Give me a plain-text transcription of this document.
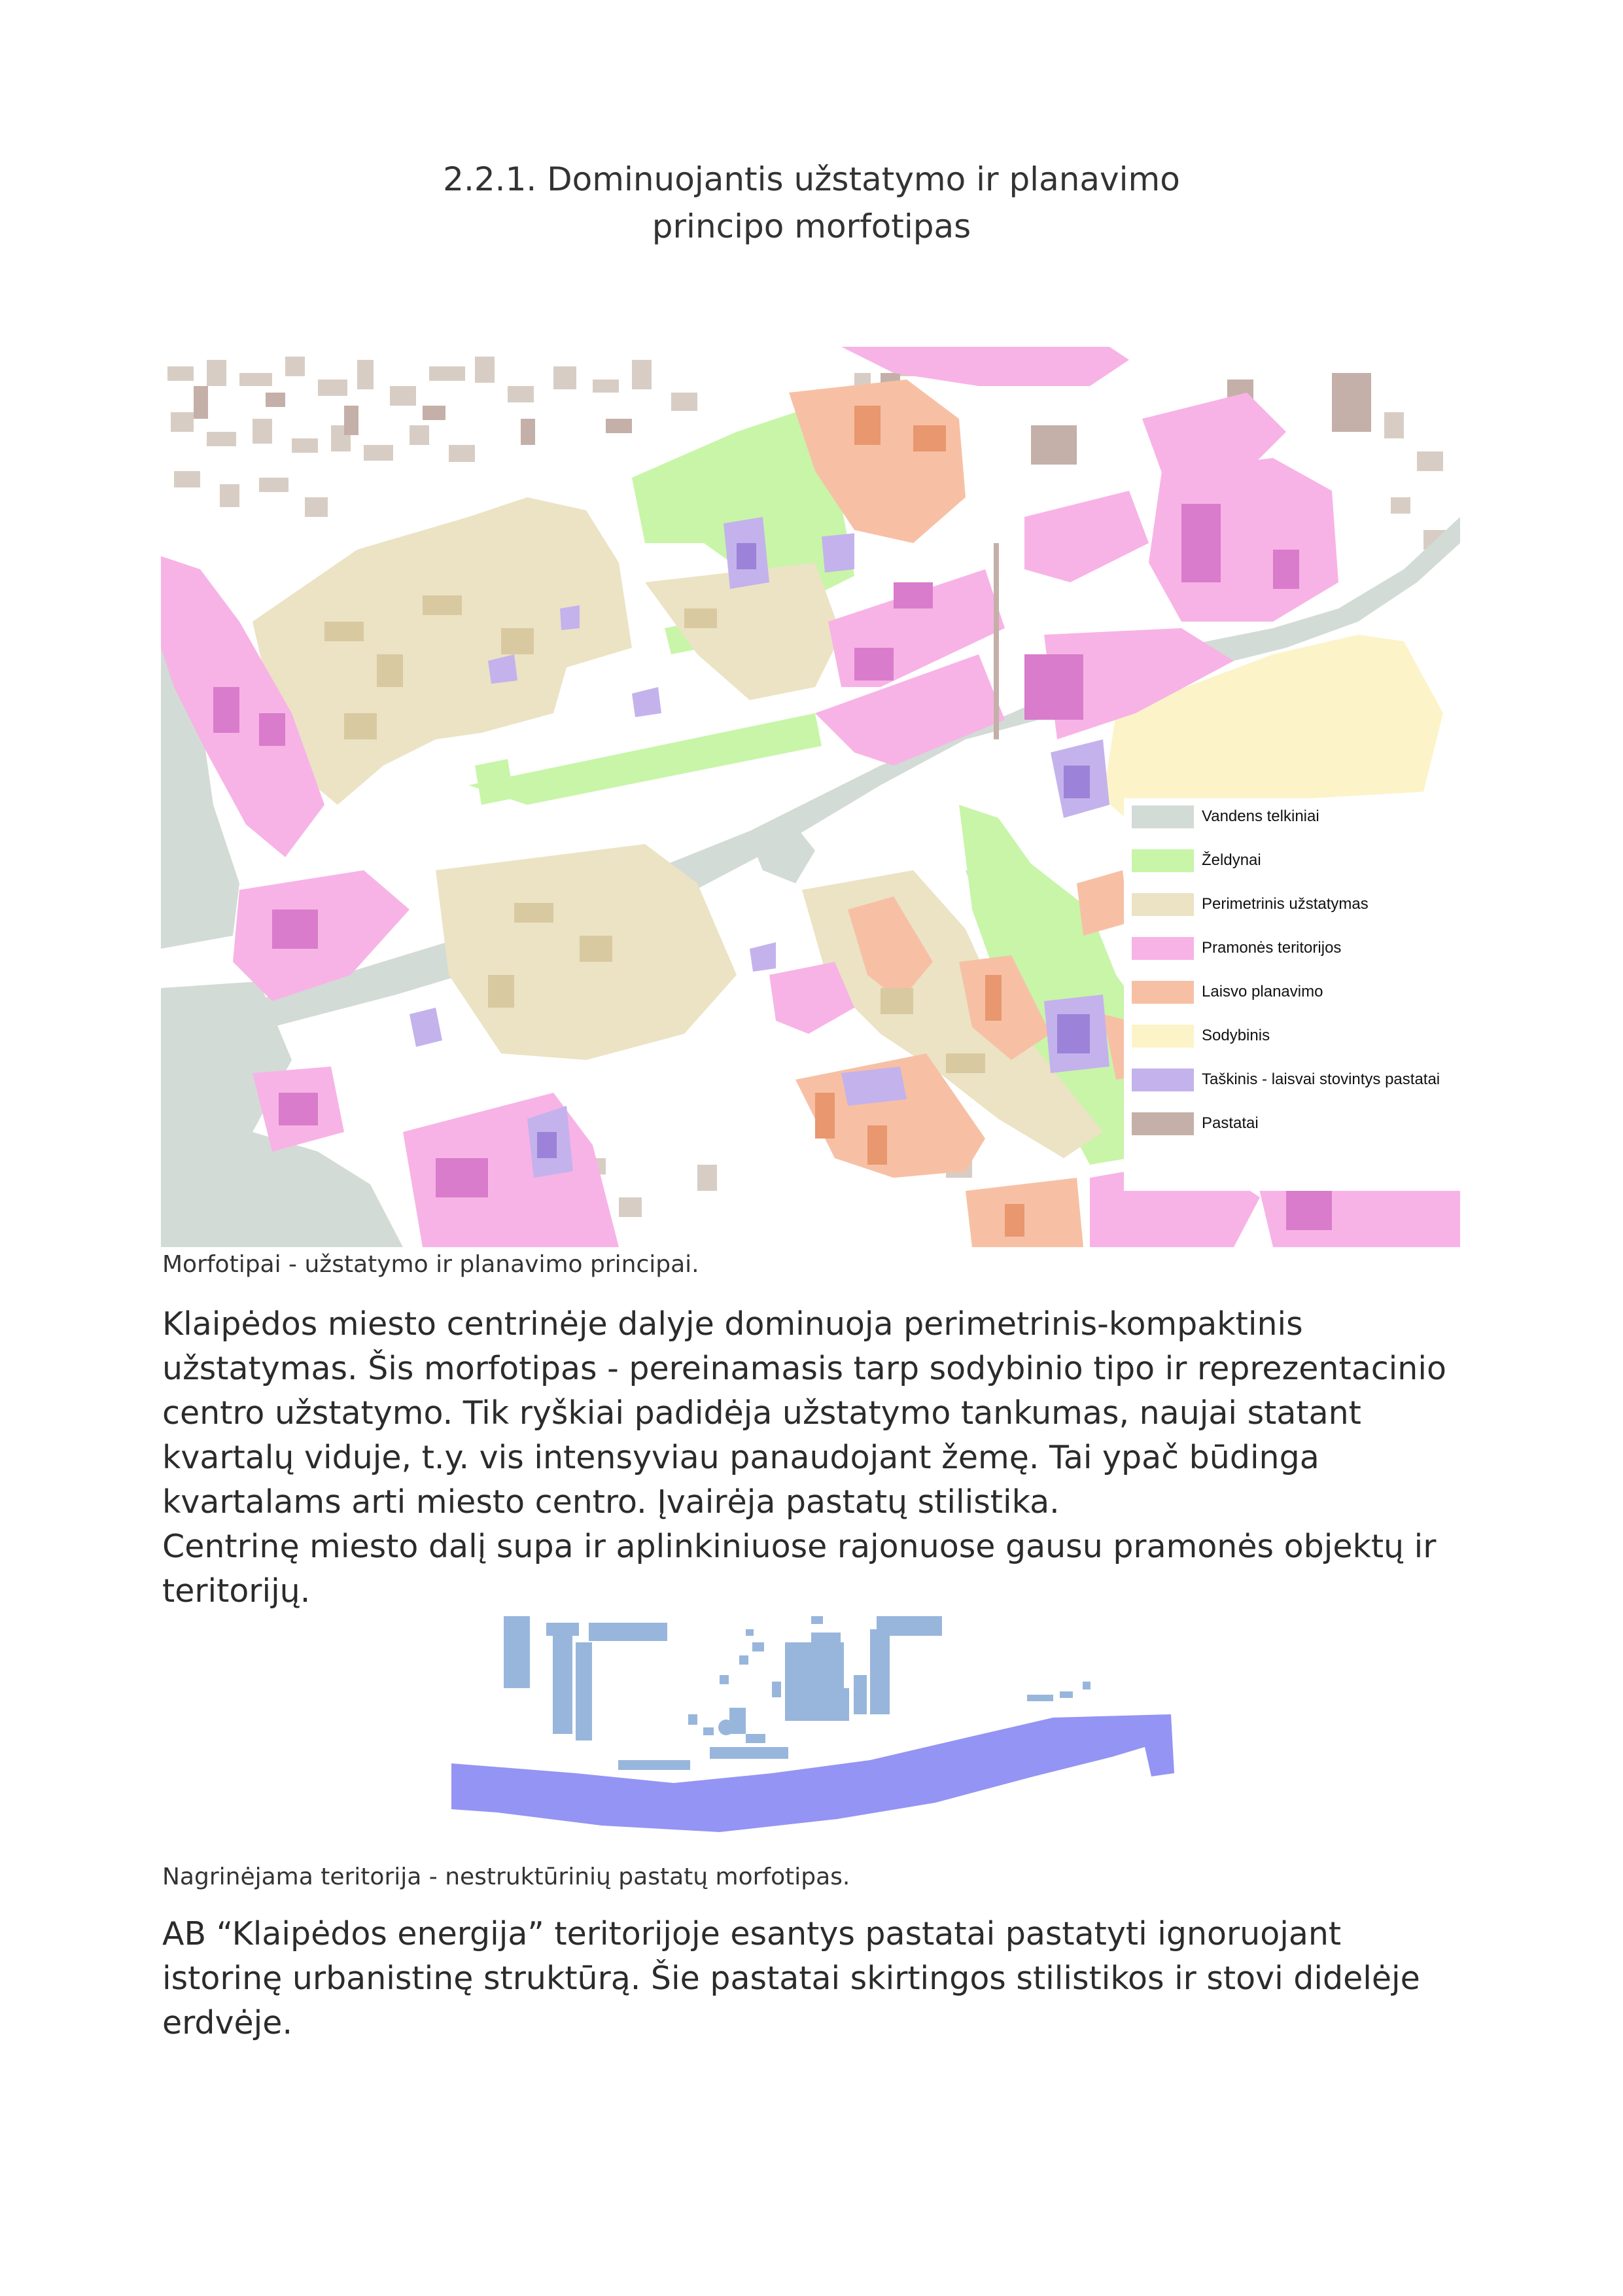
2.2.1. Dominuojantis užstatymo ir planavimo
principo morfotipas
Vandens telkiniai
Želdynai
Perimetrinis užstatymas
Pramonės teritorijos
Laisvo planavimo
Sodybinis
Taškinis - laisvai stovintys pastatai
Pastatai
Morfotipai - užstatymo ir planavimo principai.

Klaipėdos miesto centrinėje dalyje dominuoja perimetrinis-kompaktinis užstatymas. Šis morfotipas - pereinamasis tarp sodybinio tipo ir reprezentacinio centro užstatymo. Tik ryškiai padidėja užstatymo tankumas, naujai statant kvartalų viduje, t.y. vis intensyviau panaudojant žemę. Tai ypač būdinga kvartalams arti miesto centro. Įvairėja pastatų stilistika.

Centrinę miesto dalį supa ir aplinkiniuose rajonuose gausu pramonės objektų ir teritorijų.

Nagrinėjama teritorija - nestruktūrinių pastatų morfotipas.

AB “Klaipėdos energija” teritorijoje esantys pastatai pastatyti ignoruojant istorinę urbanistinę struktūrą. Šie pastatai skirtingos stilistikos ir stovi didelėje erdvėje.
